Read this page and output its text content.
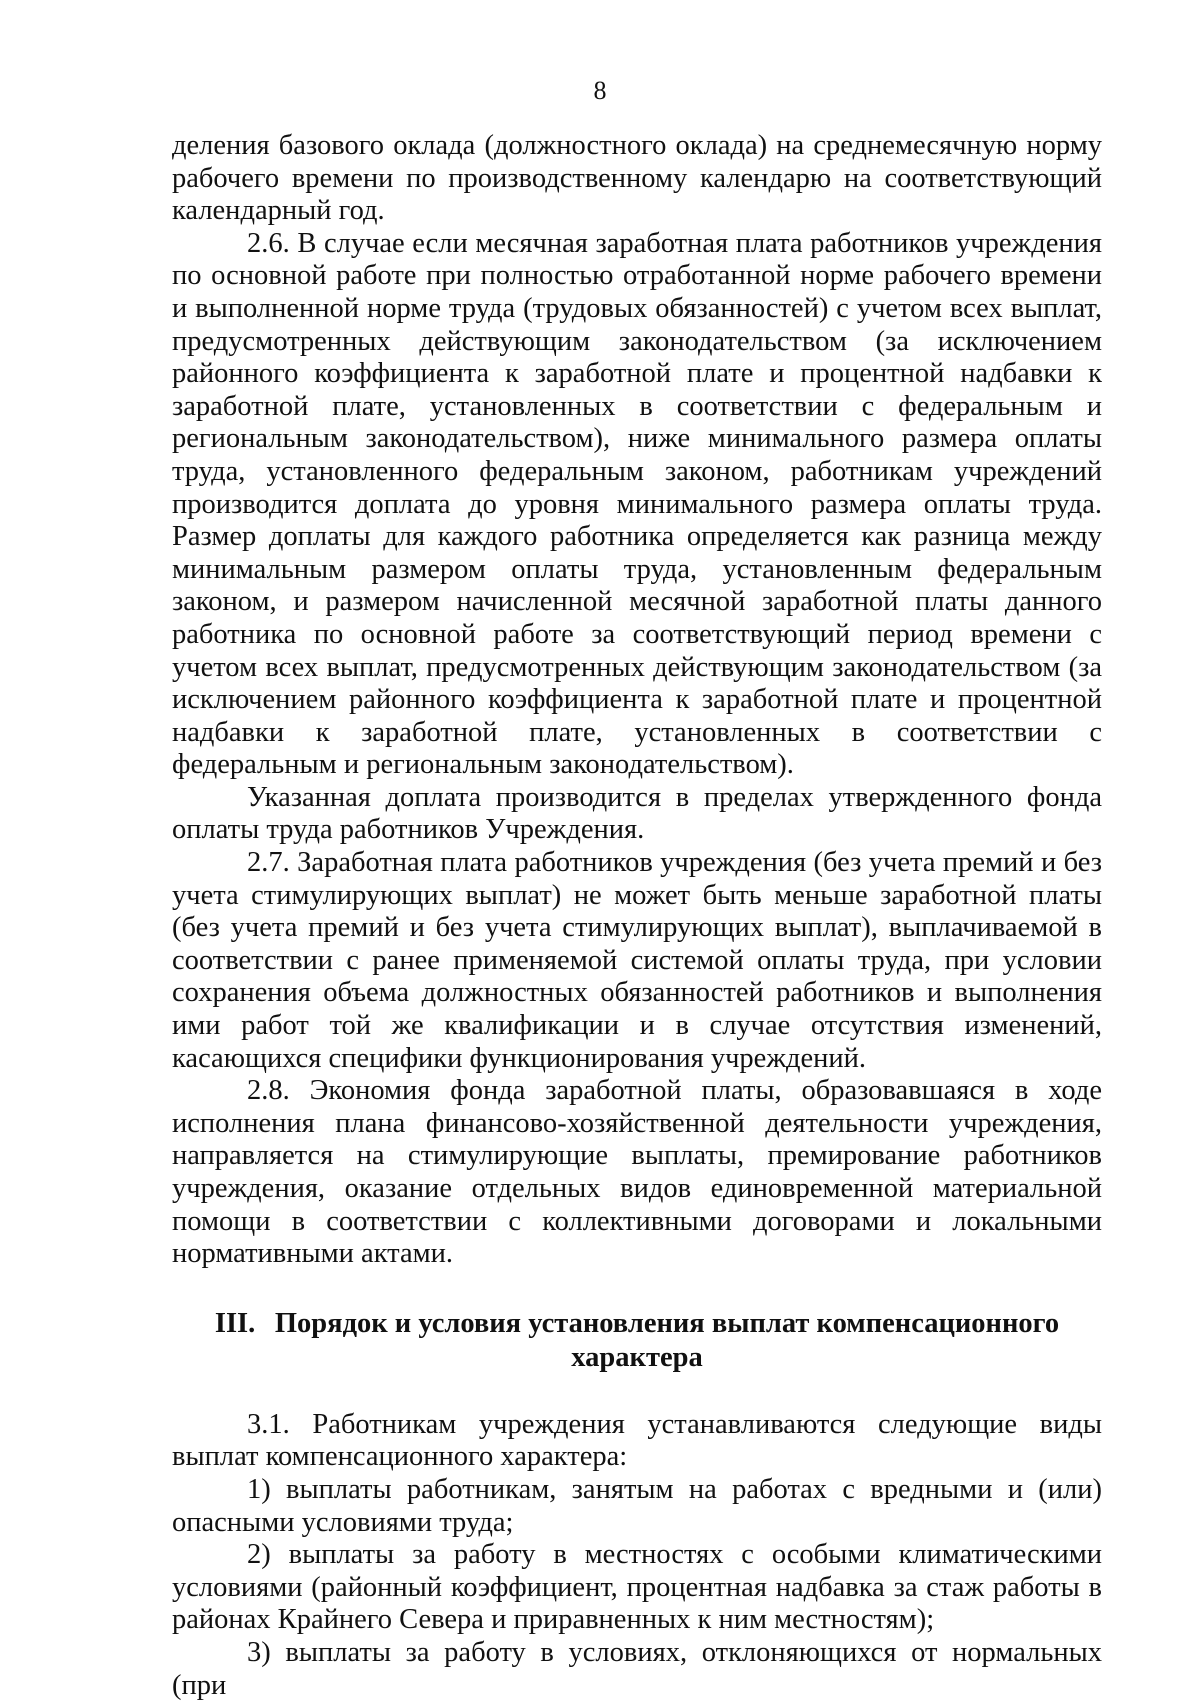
8

деления базового оклада (должностного оклада) на среднемесячную норму рабочего времени по производственному календарю на соответствующий календарный год.

2.6. В случае если месячная заработная плата работников учреждения по основной работе при полностью отработанной норме рабочего времени и выполненной норме труда (трудовых обязанностей) с учетом всех выплат, предусмотренных действующим законодательством (за исключением районного коэффициента к заработной плате и процентной надбавки к заработной плате, установленных в соответствии с федеральным и региональным законодательством), ниже минимального размера оплаты труда, установленного федеральным законом, работникам учреждений производится доплата до уровня минимального размера оплаты труда. Размер доплаты для каждого работника определяется как разница между минимальным размером оплаты труда, установленным федеральным законом, и размером начисленной месячной заработной платы данного работника по основной работе за соответствующий период времени с учетом всех выплат, предусмотренных действующим законодательством (за исключением районного коэффициента к заработной плате и процентной надбавки к заработной плате, установленных в соответствии с федеральным и региональным законодательством).

Указанная доплата производится в пределах утвержденного фонда оплаты труда работников Учреждения.

2.7. Заработная плата работников учреждения (без учета премий и без учета стимулирующих выплат) не может быть меньше заработной платы (без учета премий и без учета стимулирующих выплат), выплачиваемой в соответствии с ранее применяемой системой оплаты труда, при условии сохранения объема должностных обязанностей работников и выполнения ими работ той же квалификации и в случае отсутствия изменений, касающихся специфики функционирования учреждений.

2.8. Экономия фонда заработной платы, образовавшаяся в ходе исполнения плана финансово-хозяйственной деятельности учреждения, направляется на стимулирующие выплаты, премирование работников учреждения, оказание отдельных видов единовременной материальной помощи в соответствии с коллективными договорами и локальными нормативными актами.

III. Порядок и условия установления выплат компенсационного
характера

3.1. Работникам учреждения устанавливаются следующие виды выплат компенсационного характера:

1) выплаты работникам, занятым на работах с вредными и (или) опасными условиями труда;

2) выплаты за работу в местностях с особыми климатическими условиями (районный коэффициент, процентная надбавка за стаж работы в районах Крайнего Севера и приравненных к ним местностям);

3) выплаты за работу в условиях, отклоняющихся от нормальных (при
